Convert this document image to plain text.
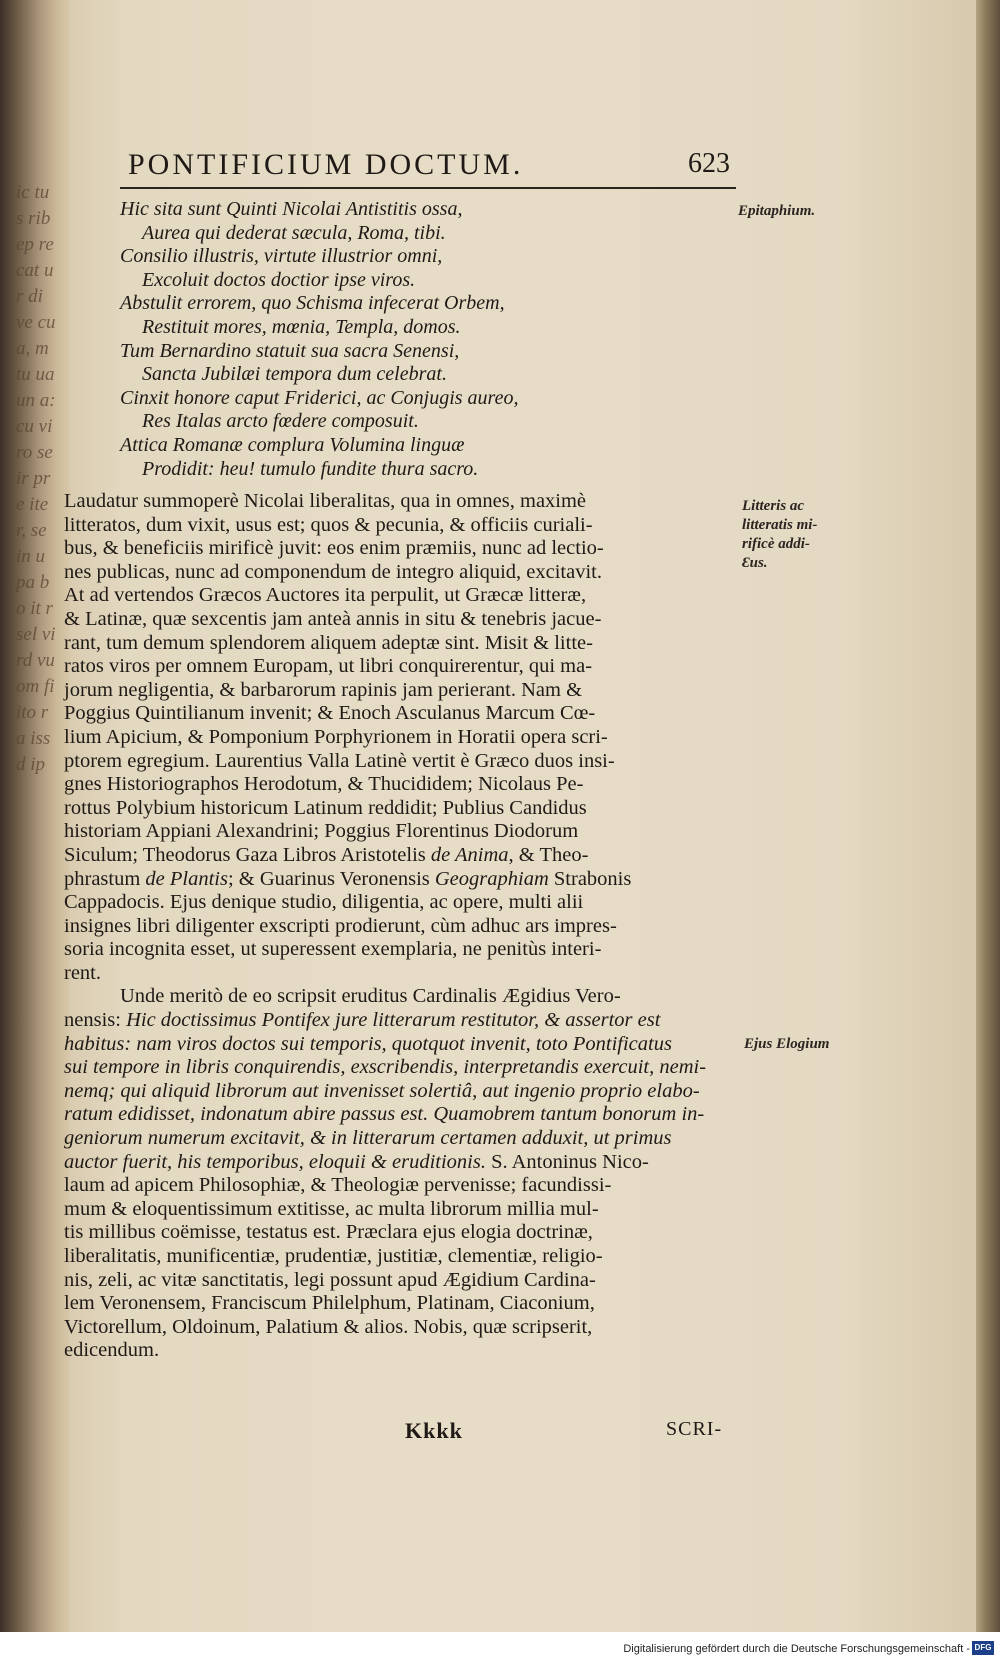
ic tus rib ep re cat ur di ve cu a, m tu ua un a: cu vi ro se ir pre ite r, se in u pa bo it r sel vi rd vu om fi ito ra iss d ip
PONTIFICIUM DOCTUM.	623
Hic sita sunt Quinti Nicolai Antistitis ossa,
Aurea qui dederat sæcula, Roma, tibi.
Consilio illustris, virtute illustrior omni,
Excoluit doctos doctior ipse viros.
Abstulit errorem, quo Schisma infecerat Orbem,
Restituit mores, mœnia, Templa, domos.
Tum Bernardino statuit sua sacra Senensi,
Sancta Jubilæi tempora dum celebrat.
Cinxit honore caput Friderici, ac Conjugis aureo,
Res Italas arcto fœdere composuit.
Attica Romanæ complura Volumina linguæ
Prodidit: heu! tumulo fundite thura sacro.
Laudatur summoperè Nicolai liberalitas, qua in omnes, maximè
litteratos, dum vixit, usus est; quos & pecunia, & officiis curiali-
bus, & beneficiis mirificè juvit: eos enim præmiis, nunc ad lectio-
nes publicas, nunc ad componendum de integro aliquid, excitavit.
At ad vertendos Græcos Auctores ita perpulit, ut Græcæ litteræ,
& Latinæ, quæ sexcentis jam anteà annis in situ & tenebris jacue-
rant, tum demum splendorem aliquem adeptæ sint. Misit & litte-
ratos viros per omnem Europam, ut libri conquirerentur, qui ma-
jorum negligentia, & barbarorum rapinis jam perierant. Nam &
Poggius Quintilianum invenit; & Enoch Asculanus Marcum Cœ-
lium Apicium, & Pomponium Porphyrionem in Horatii opera scri-
ptorem egregium. Laurentius Valla Latinè vertit è Græco duos insi-
gnes Historiographos Herodotum, & Thucididem; Nicolaus Pe-
rottus Polybium historicum Latinum reddidit; Publius Candidus
historiam Appiani Alexandrini; Poggius Florentinus Diodorum
Siculum; Theodorus Gaza Libros Aristotelis de Anima, & Theo-
phrastum de Plantis; & Guarinus Veronensis Geographiam Strabonis
Cappadocis. Ejus denique studio, diligentia, ac opere, multi alii
insignes libri diligenter exscripti prodierunt, cùm adhuc ars impres-
soria incognita esset, ut superessent exemplaria, ne penitùs interi-
rent.
Unde meritò de eo scripsit eruditus Cardinalis Ægidius Vero-
nensis: Hic doctissimus Pontifex jure litterarum restitutor, & assertor est
habitus: nam viros doctos sui temporis, quotquot invenit, toto Pontificatus
sui tempore in libris conquirendis, exscribendis, interpretandis exercuit, nemi-
nemq; qui aliquid librorum aut invenisset solertiâ, aut ingenio proprio elabo-
ratum edidisset, indonatum abire passus est. Quamobrem tantum bonorum in-
geniorum numerum excitavit, & in litterarum certamen adduxit, ut primus
auctor fuerit, his temporibus, eloquii & eruditionis. S. Antoninus Nico-
laum ad apicem Philosophiæ, & Theologiæ pervenisse; facundissi-
mum & eloquentissimum extitisse, ac multa librorum millia mul-
tis millibus coëmisse, testatus est. Præclara ejus elogia doctrinæ,
liberalitatis, munificentiæ, prudentiæ, justitiæ, clementiæ, religio-
nis, zeli, ac vitæ sanctitatis, legi possunt apud Ægidium Cardina-
lem Veronensem, Franciscum Philelphum, Platinam, Ciaconium,
Victorellum, Oldoinum, Palatium & alios. Nobis, quæ scripserit,
edicendum.
Epitaphium.
Litteris ac
litteratis mi-
rificè addi-
Ɛus.
Ejus Elogium
Kkkk	SCRI-
Digitalisierung gefördert durch die Deutsche Forschungsgemeinschaft - DFG
